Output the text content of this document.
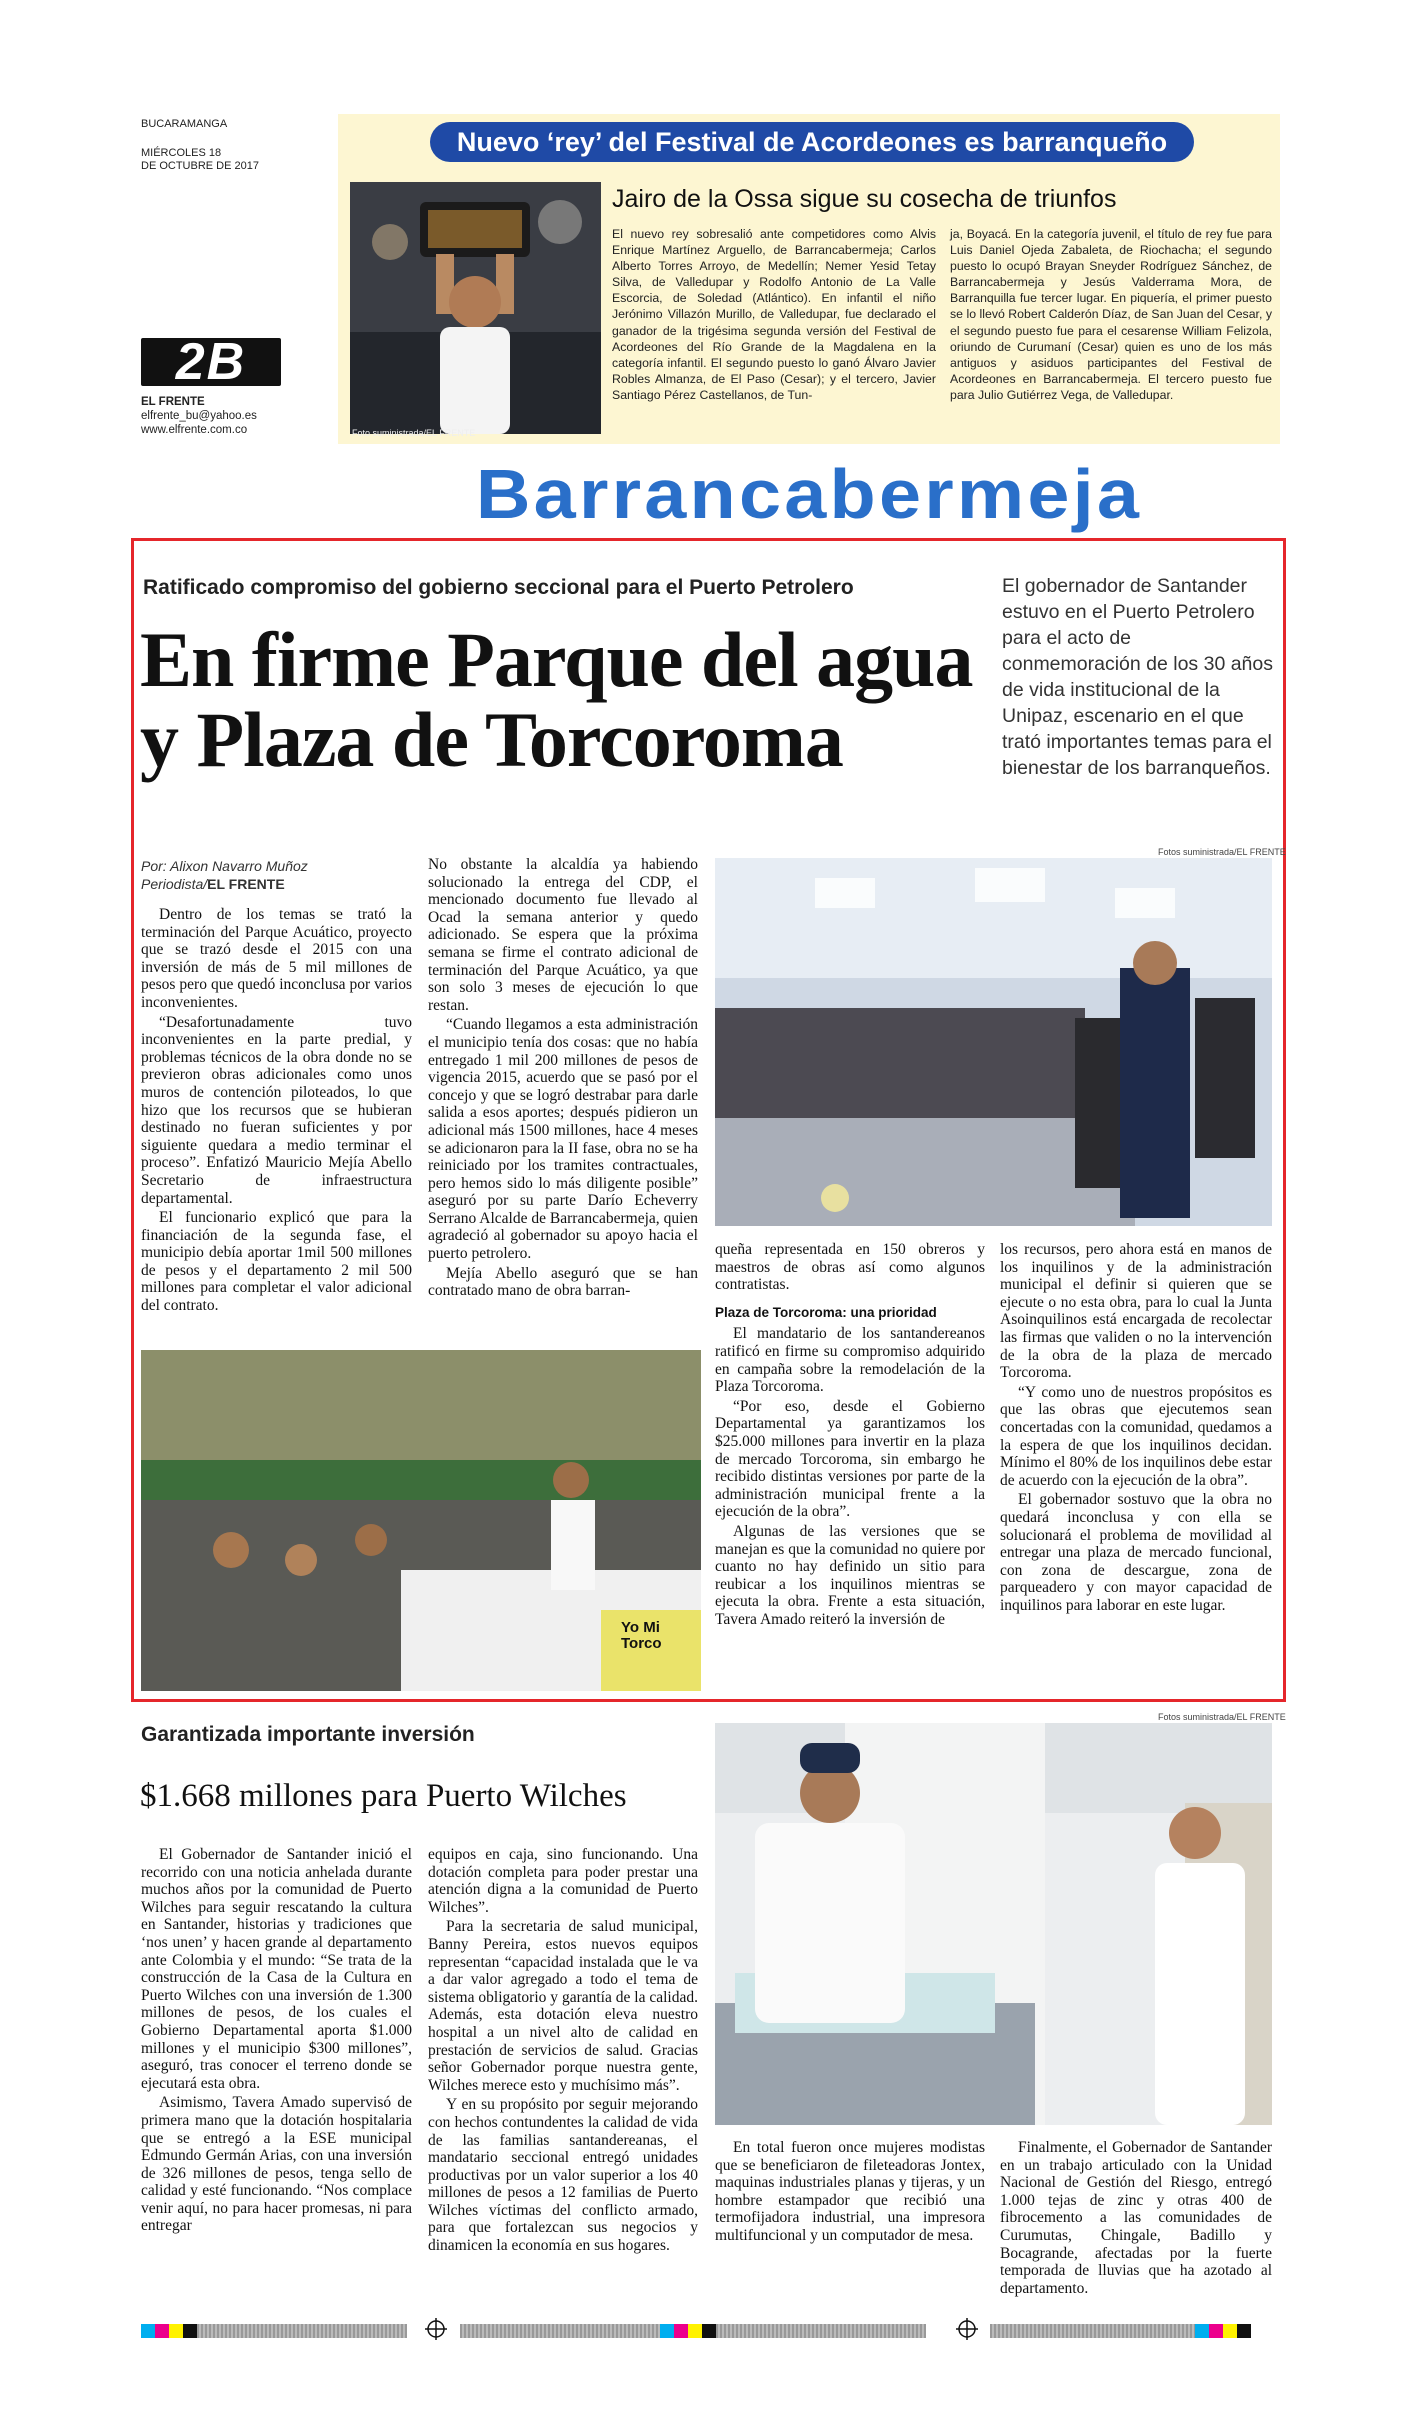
BUCARAMANGA
MIÉRCOLES 18
DE OCTUBRE DE 2017
2B
EL FRENTE
elfrente_bu@yahoo.es
www.elfrente.com.co
Nuevo ‘rey’ del Festival de Acordeones es barranqueño
Foto suministrada/EL FRENTE
Jairo de la Ossa sigue su cosecha de triunfos
El nuevo rey sobresalió ante competidores como Alvis Enrique Martínez Arguello, de Barrancabermeja; Carlos Alberto Torres Arroyo, de Medellín; Nemer Yesid Tetay Silva, de Valledupar y Rodolfo Antonio de La Valle Escorcia, de Soledad (Atlántico). En infantil el niño Jerónimo Villazón Murillo, de Valledupar, fue declarado el ganador de la trigésima segunda versión del Festival de Acordeones del Río Grande de la Magdalena en la categoría infantil. El segundo puesto lo ganó Álvaro Javier Robles Almanza, de El Paso (Cesar); y el tercero, Javier Santiago Pérez Castellanos, de Tun-
ja, Boyacá. En la categoría juvenil, el título de rey fue para Luis Daniel Ojeda Zabaleta, de Riochacha; el segundo puesto lo ocupó Brayan Sneyder Rodríguez Sánchez, de Barrancabermeja y Jesús Valderrama Mora, de Barranquilla fue tercer lugar. En piquería, el primer puesto se lo llevó Robert Calderón Díaz, de San Juan del Cesar, y el segundo puesto fue para el cesarense William Felizola, oriundo de Curumaní (Cesar) quien es uno de los más antiguos y asiduos participantes del Festival de Acordeones en Barrancabermeja. El tercero puesto fue para Julio Gutiérrez Vega, de Valledupar.
Barrancabermeja
Ratificado compromiso del gobierno seccional para el Puerto Petrolero
En firme Parque del agua
y Plaza de Torcoroma
El gobernador de Santander estuvo en el Puerto Petrolero para el acto de conmemoración de los 30 años de vida institucional de la Unipaz, escenario en el que trató importantes temas para el bienestar de los barranqueños.
Por: Alixon Navarro Muñoz
Periodista/EL FRENTE

Dentro de los temas se trató la terminación del Parque Acuático, proyecto que se trazó desde el 2015 con una inversión de más de 5 mil millones de pesos pero que quedó inconclusa por varios inconvenientes.

“Desafortunadamente tuvo inconvenientes en la parte predial, y problemas técnicos de la obra donde no se previeron obras adicionales como unos muros de contención piloteados, lo que hizo que los recursos que se hubieran destinado no fueran suficientes y por siguiente quedara a medio terminar el proceso”. Enfatizó Mauricio Mejía Abello Secretario de infraestructura departamental.

El funcionario explicó que para la financiación de la segunda fase, el municipio debía aportar 1mil 500 millones de pesos y el departamento 2 mil 500 millones para completar el valor adicional del contrato.

No obstante la alcaldía ya habiendo solucionado la entrega del CDP, el mencionado documento fue llevado al Ocad la semana anterior y quedo adicionado. Se espera que la próxima semana se firme el contrato adicional de terminación del Parque Acuático, ya que son solo 3 meses de ejecución lo que restan.

“Cuando llegamos a esta administración el municipio tenía dos cosas: que no había entregado 1 mil 200 millones de pesos de vigencia 2015, acuerdo que se pasó por el concejo y que se logró destrabar para darle salida a esos aportes; después pidieron un adicional más 1500 millones, hace 4 meses se adicionaron para la II fase, obra no se ha reiniciado por los tramites contractuales, pero hemos sido lo más diligente posible” aseguró por su parte Darío Echeverry Serrano Alcalde de Barrancabermeja, quien agradeció al gobernador su apoyo hacia el puerto petrolero.

Mejía Abello aseguró que se han contratado mano de obra barran-

Fotos suministrada/EL FRENTE

queña representada en 150 obreros y maestros de obras así como algunos contratistas.

Plaza de Torcoroma: una prioridad

El mandatario de los santandereanos ratificó en firme su compromiso adquirido en campaña sobre la remodelación de la Plaza Torcoroma.

“Por eso, desde el Gobierno Departamental ya garantizamos los $25.000 millones para invertir en la plaza de mercado Torcoroma, sin embargo he recibido distintas versiones por parte de la administración municipal frente a la ejecución de la obra”.

Algunas de las versiones que se manejan es que la comunidad no quiere por cuanto no hay definido un sitio para reubicar a los inquilinos mientras se ejecuta la obra. Frente a esta situación, Tavera Amado reiteró la inversión de

los recursos, pero ahora está en manos de los inquilinos y de la administración municipal el definir si quieren que se ejecute o no esta obra, para lo cual la Junta Asoinquilinos está encargada de recolectar las firmas que validen o no la intervención de la obra de la plaza de mercado Torcoroma.

“Y como uno de nuestros propósitos es que las obras que ejecutemos sean concertadas con la comunidad, quedamos a la espera de que los inquilinos decidan. Mínimo el 80% de los inquilinos debe estar de acuerdo con la ejecución de la obra”.

El gobernador sostuvo que la obra no quedará inconclusa y con ella se solucionará el problema de movilidad al entregar una plaza de mercado funcional, con zona de descargue, zona de parqueadero y con mayor capacidad de inquilinos para laborar en este lugar.

Yo Mi Torco
Garantizada importante inversión
$1.668 millones para Puerto Wilches

El Gobernador de Santander inició el recorrido con una noticia anhelada durante muchos años por la comunidad de Puerto Wilches para seguir rescatando la cultura en Santander, historias y tradiciones que ‘nos unen’ y hacen grande al departamento ante Colombia y el mundo: “Se trata de la construcción de la Casa de la Cultura en Puerto Wilches con una inversión de 1.300 millones de pesos, de los cuales el Gobierno Departamental aporta $1.000 millones y el municipio $300 millones”, aseguró, tras conocer el terreno donde se ejecutará esta obra.

Asimismo, Tavera Amado supervisó de primera mano que la dotación hospitalaria que se entregó a la ESE municipal Edmundo Germán Arias, con una inversión de 326 millones de pesos, tenga sello de calidad y esté funcionando. “Nos complace venir aquí, no para hacer promesas, ni para entregar

equipos en caja, sino funcionando. Una dotación completa para poder prestar una atención digna a la comunidad de Puerto Wilches”.

Para la secretaria de salud municipal, Banny Pereira, estos nuevos equipos representan “capacidad instalada que le va a dar valor agregado a todo el tema de sistema obligatorio y garantía de la calidad. Además, esta dotación eleva nuestro hospital a un nivel alto de calidad en prestación de servicios de salud. Gracias señor Gobernador porque nuestra gente, Wilches merece esto y muchísimo más”.

Y en su propósito por seguir mejorando con hechos contundentes la calidad de vida de las familias santandereanas, el mandatario seccional entregó unidades productivas por un valor superior a los 40 millones de pesos a 12 familias de Puerto Wilches víctimas del conflicto armado, para que fortalezcan sus negocios y dinamicen la economía en sus hogares.

Fotos suministrada/EL FRENTE

En total fueron once mujeres modistas que se beneficiaron de fileteadoras Jontex, maquinas industriales planas y tijeras, y un hombre estampador que recibió una termofijadora industrial, una impresora multifuncional y un computador de mesa.

Finalmente, el Gobernador de Santander en un trabajo articulado con la Unidad Nacional de Gestión del Riesgo, entregó 1.000 tejas de zinc y otras 400 de fibrocemento a las comunidades de Curumutas, Chingale, Badillo y Bocagrande, afectadas por la fuerte temporada de lluvias que ha azotado al departamento.
